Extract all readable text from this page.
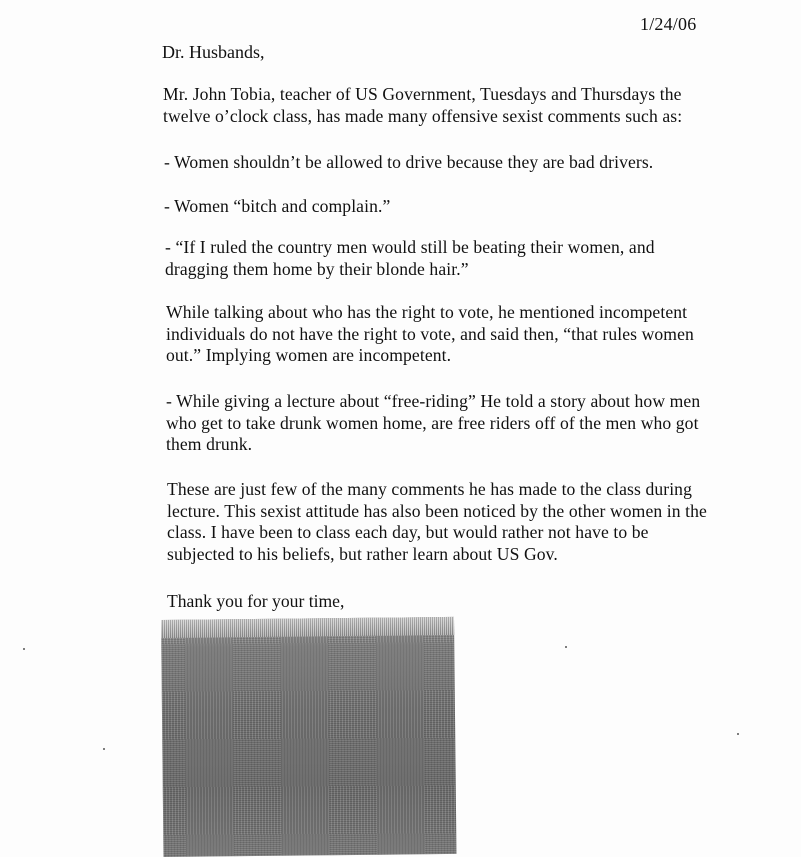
1/24/06
Dr. Husbands,
Mr. John Tobia, teacher of US Government, Tuesdays and Thursdays the
twelve o’clock class, has made many offensive sexist comments such as:
- Women shouldn’t be allowed to drive because they are bad drivers.
- Women “bitch and complain.”
- “If I ruled the country men would still be beating their women, and
dragging them home by their blonde hair.”
While talking about who has the right to vote, he mentioned incompetent
individuals do not have the right to vote, and said then, “that rules women
out.” Implying women are incompetent.
- While giving a lecture about “free-riding” He told a story about how men
who get to take drunk women home, are free riders off of the men who got
them drunk.
These are just few of the many comments he has made to the class during
lecture. This sexist attitude has also been noticed by the other women in the
class. I have been to class each day, but would rather not have to be
subjected to his beliefs, but rather learn about US Gov.
Thank you for your time,
